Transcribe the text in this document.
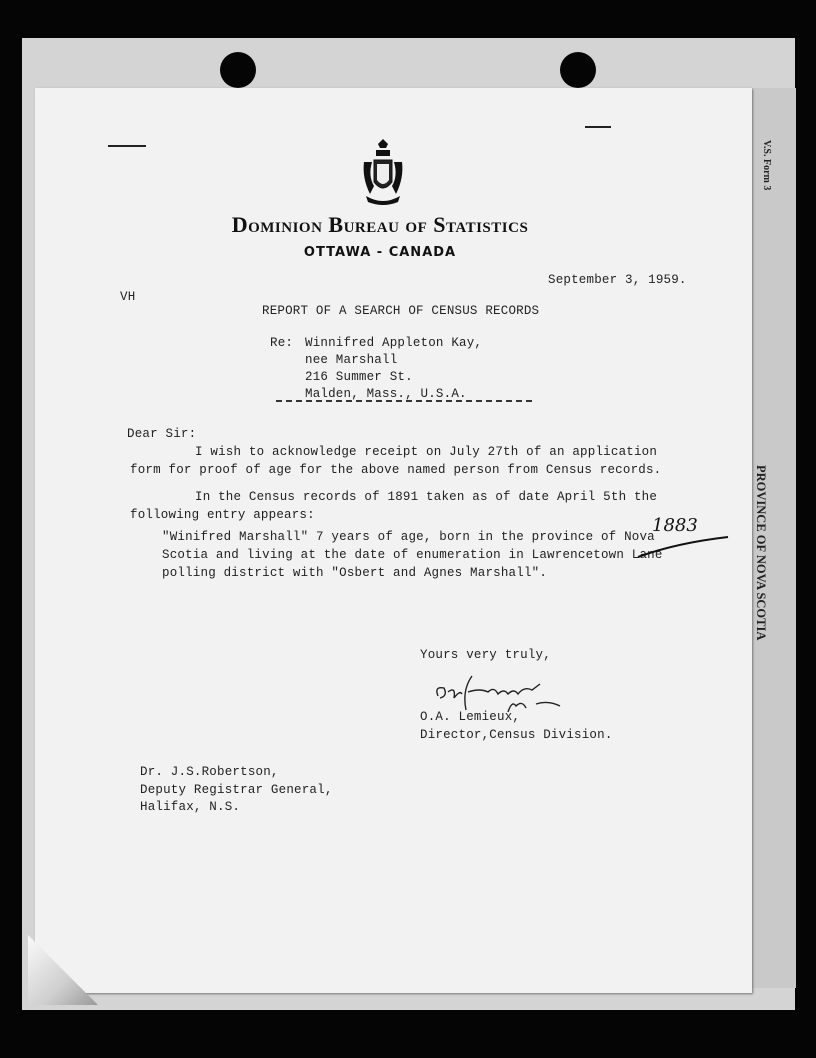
V.S. Form 3
PROVINCE OF NOVA SCOTIA
Dominion Bureau of Statistics
OTTAWA - CANADA
September 3, 1959.
VH
REPORT OF A SEARCH OF CENSUS RECORDS
Re: Winnifred Appleton Kay,
nee Marshall
216 Summer St.
Malden, Mass., U.S.A.
Dear Sir:
I wish to acknowledge receipt on July 27th of an application
form for proof of age for the above named person from Census records.
In the Census records of 1891 taken as of date April 5th the
following entry appears:
"Winifred Marshall" 7 years of age, born in the province of Nova
Scotia and living at the date of enumeration in Lawrencetown Lane
polling district with "Osbert and Agnes Marshall".
1883
Yours very truly,
O.A. Lemieux,
Director,Census Division.
Dr. J.S.Robertson,
Deputy Registrar General,
Halifax, N.S.
